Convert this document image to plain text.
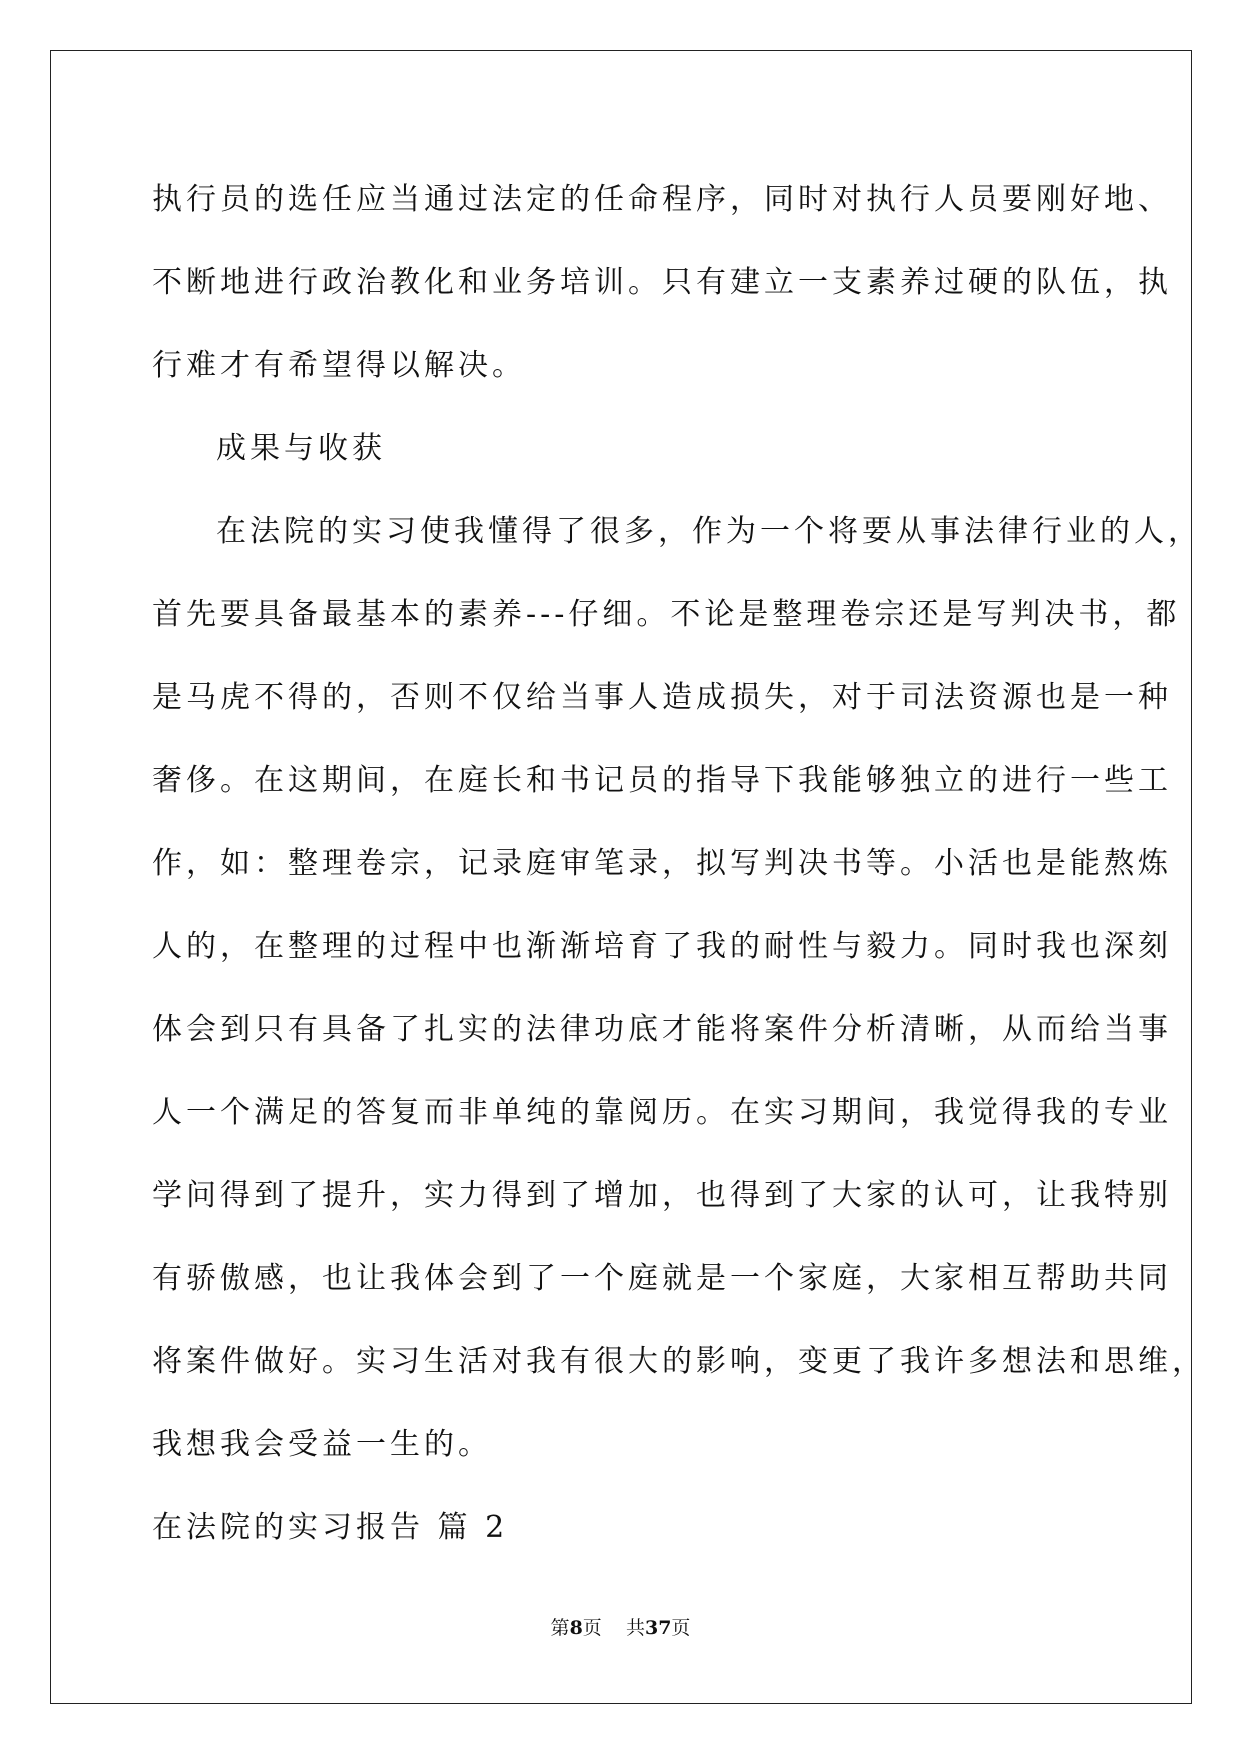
执行员的选任应当通过法定的任命程序，同时对执行人员要刚好地、
不断地进行政治教化和业务培训。只有建立一支素养过硬的队伍，执
行难才有希望得以解决。
成果与收获
在法院的实习使我懂得了很多，作为一个将要从事法律行业的人，
首先要具备最基本的素养---仔细。不论是整理卷宗还是写判决书，都
是马虎不得的，否则不仅给当事人造成损失，对于司法资源也是一种
奢侈。在这期间，在庭长和书记员的指导下我能够独立的进行一些工
作，如：整理卷宗，记录庭审笔录，拟写判决书等。小活也是能熬炼
人的，在整理的过程中也渐渐培育了我的耐性与毅力。同时我也深刻
体会到只有具备了扎实的法律功底才能将案件分析清晰，从而给当事
人一个满足的答复而非单纯的靠阅历。在实习期间，我觉得我的专业
学问得到了提升，实力得到了增加，也得到了大家的认可，让我特别
有骄傲感，也让我体会到了一个庭就是一个家庭，大家相互帮助共同
将案件做好。实习生活对我有很大的影响，变更了我许多想法和思维，
我想我会受益一生的。
在法院的实习报告 篇 2
第8页    共37页
